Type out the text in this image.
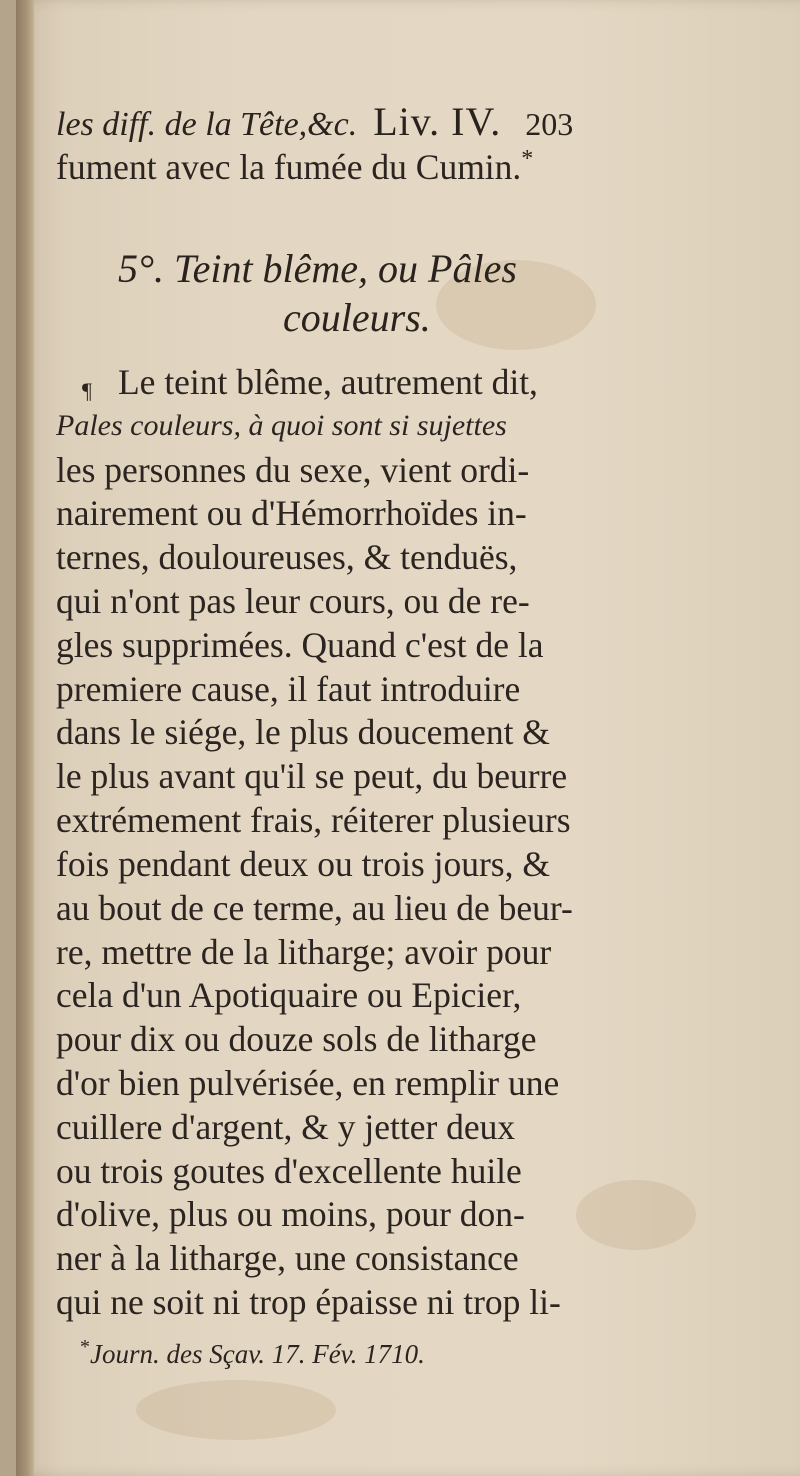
les diff. de la Tête,&c. Liv. IV. 203
fument avec la fumée du Cumin.*
5°. Teint blême, ou Pâles
couleurs.
¶ Le teint blême, autrement dit,
Pales couleurs, à quoi sont si sujettes
les personnes du sexe, vient ordi-
nairement ou d'Hémorrhoïdes in-
ternes, douloureuses, & tenduës,
qui n'ont pas leur cours, ou de re-
gles supprimées. Quand c'est de la
premiere cause, il faut introduire
dans le siége, le plus doucement &
le plus avant qu'il se peut, du beurre
extrémement frais, réiterer plusieurs
fois pendant deux ou trois jours, &
au bout de ce terme, au lieu de beur-
re, mettre de la litharge; avoir pour
cela d'un Apotiquaire ou Epicier,
pour dix ou douze sols de litharge
d'or bien pulvérisée, en remplir une
cuillere d'argent, & y jetter deux
ou trois goutes d'excellente huile
d'olive, plus ou moins, pour don-
ner à la litharge, une consistance
qui ne soit ni trop épaisse ni trop li-
*Journ. des Sçav. 17. Fév. 1710.
